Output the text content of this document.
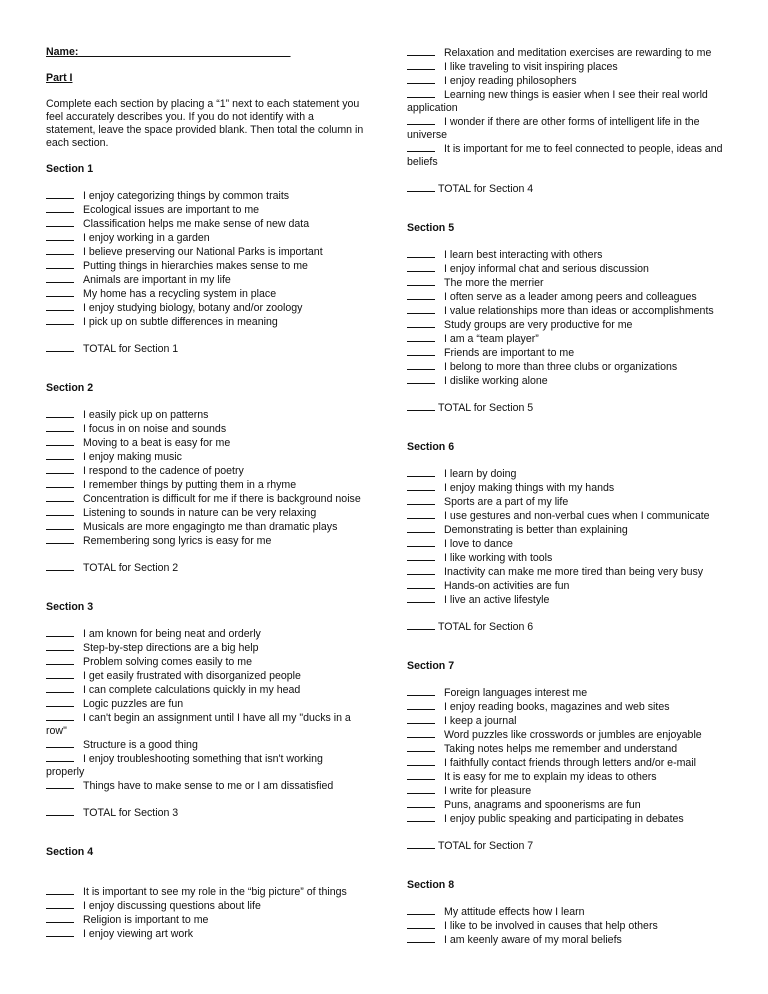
Name:____________________________________
Part I

Complete each section by placing a “1” next to each statement you feel accurately describes you. If you do not identify with a statement, leave the space provided blank. Then total the column in each section.

Section 1
I enjoy categorizing things by common traits
Ecological issues are important to me
Classification helps me make sense of new data
I enjoy working in a garden
I believe preserving our National Parks is important
Putting things in hierarchies makes sense to me
Animals are important in my life
My home has a recycling system in place
I enjoy studying biology, botany and/or zoology
I pick up on subtle differences in meaning
TOTAL for Section 1
Section 2
I easily pick up on patterns
I focus in on noise and sounds
Moving to a beat is easy for me
I enjoy making music
I respond to the cadence of poetry
I remember things by putting them in a rhyme
Concentration is difficult for me if there is background noise
Listening to sounds in nature can be very relaxing
Musicals are more engagingto me than dramatic plays
Remembering song lyrics is easy for me
TOTAL for Section 2
Section 3
I am known for being neat and orderly
Step-by-step directions are a big help
Problem solving comes easily to me
I get easily frustrated with disorganized people
I can complete calculations quickly in my head
Logic puzzles are fun
I can't begin an assignment until I have all my "ducks in a row"
Structure is a good thing
I enjoy troubleshooting something that isn't working properly
Things have to make sense to me or I am dissatisfied
TOTAL for Section 3
Section 4
It is important to see my role in the “big picture” of things
I enjoy discussing questions about life
Religion is important to me
I enjoy viewing art work
Relaxation and meditation exercises are rewarding to me
I like traveling to visit inspiring places
I enjoy reading philosophers
Learning new things is easier when I see their real world application
I wonder if there are other forms of intelligent life in the universe
It is important for me to feel connected to people, ideas and beliefs
TOTAL for Section 4
Section 5
I learn best interacting with others
I enjoy informal chat and serious discussion
The more the merrier
I often serve as a leader among peers and colleagues
I value relationships more than ideas or accomplishments
Study groups are very productive for me
I am a “team player”
Friends are important to me
I belong to more than three clubs or organizations
I dislike working alone
TOTAL for Section 5
Section 6
I learn by doing
I enjoy making things with my hands
Sports are a part of my life
I use gestures and non-verbal cues when I communicate
Demonstrating is better than explaining
I love to dance
I like working with tools
Inactivity can make me more tired than being very busy
Hands-on activities are fun
I live an active lifestyle
TOTAL for Section 6
Section 7
Foreign languages interest me
I enjoy reading books, magazines and web sites
I keep a journal
Word puzzles like crosswords or jumbles are enjoyable
Taking notes helps me remember and understand
I faithfully contact friends through letters and/or e-mail
It is easy for me to explain my ideas to others
I write for pleasure
Puns, anagrams and spoonerisms are fun
I enjoy public speaking and participating in debates
TOTAL for Section 7
Section 8
My attitude effects how I learn
I like to be involved in causes that help others
I am keenly aware of my moral beliefs
